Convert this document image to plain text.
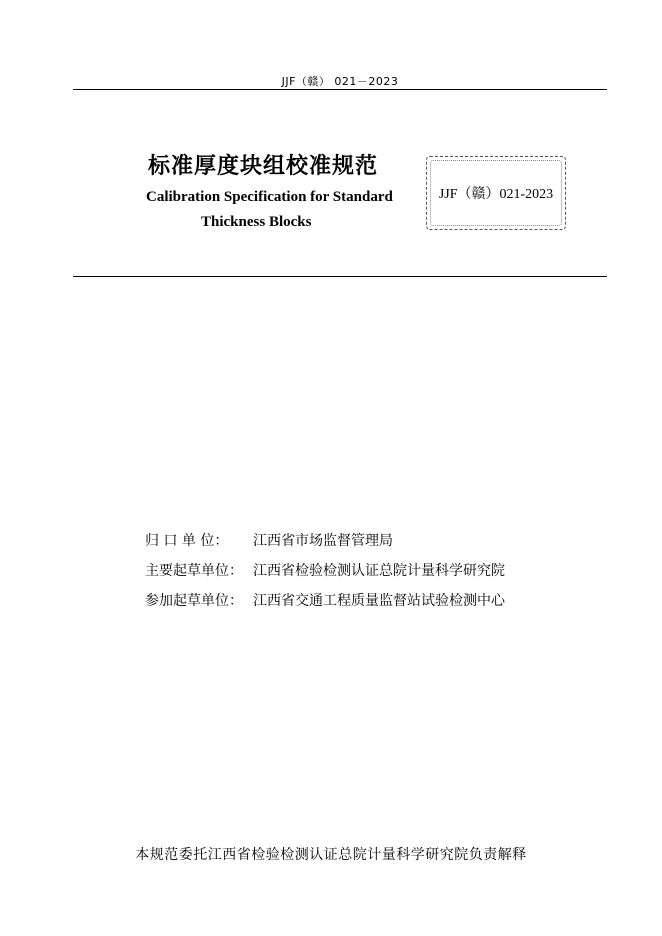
JJF（赣） 021－2023
标准厚度块组校准规范
Calibration Specification for Standard
Thickness Blocks
JJF（赣）021-2023
归 口 单 位： 江西省市场监督管理局
主要起草单位： 江西省检验检测认证总院计量科学研究院
参加起草单位： 江西省交通工程质量监督站试验检测中心
本规范委托江西省检验检测认证总院计量科学研究院负责解释
